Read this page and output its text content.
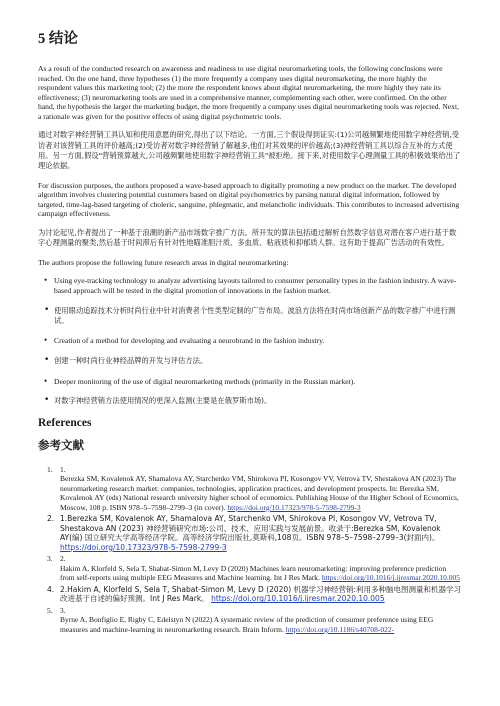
5 结论

As a result of the conducted research on awareness and readiness to use digital neuromarketing tools, the following conclusions were reached. On the one hand, three hypotheses (1) the more frequently a company uses digital neuromarketing, the more highly the respondent values this marketing tool; (2) the more the respondent knows about digital neuromarketing, the more highly they rate its effectiveness; (3) neuromarketing tools are used in a comprehensive manner, complementing each other, were confirmed. On the other hand, the hypothesis the larger the marketing budget, the more frequently a company uses digital neuromarketing tools was rejected. Next, a rationale was given for the positive effects of using digital psychometric tools.

通过对数字神经营销工具认知和使用意愿的研究,得出了以下结论。一方面,三个假设得到证实:(1)公司越频繁地使用数字神经营销,受访者对该营销工具的评价越高;(2)受访者对数字神经营销了解越多,他们对其效果的评价越高;(3)神经营销工具以综合互补的方式使用。另一方面,假设"营销预算越大,公司越频繁地使用数字神经营销工具"被拒绝。接下来,对使用数字心理测量工具的积极效果给出了理论依据。

For discussion purposes, the authors proposed a wave-based approach to digitally promoting a new product on the market. The developed algorithm involves clustering potential customers based on digital psychometrics by parsing natural digital information, followed by targeted, time-lag-based targeting of choleric, sanguine, phlegmatic, and melancholic individuals. This contributes to increased advertising campaign effectiveness.

为讨论起见,作者提出了一种基于浪潮的新产品市场数字推广方法。所开发的算法包括通过解析自然数字信息对潜在客户进行基于数字心理测量的聚类,然后基于时间滞后有针对性地瞄准胆汁质、多血质、粘液质和抑郁质人群。这有助于提高广告活动的有效性。

The authors propose the following future research areas in digital neuromarketing:

• Using eye-tracking technology to analyze advertising layouts tailored to consumer personality types in the fashion industry. A wave-based approach will be tested in the digital promotion of innovations in the fashion market.
• 使用眼动追踪技术分析时尚行业中针对消费者个性类型定制的广告布局。波浪方法将在时尚市场创新产品的数字推广中进行测试。
• Creation of a method for developing and evaluating a neurobrand in the fashion industry.
• 创建一种时尚行业神经品牌的开发与评估方法。
• Deeper monitoring of the use of digital neuromarketing methods (primarily in the Russian market).
• 对数字神经营销方法使用情况的更深入监测(主要是在俄罗斯市场)。
References
参考文献
1. 1.
Berezka SM, Kovalenok AY, Shamalova AY, Starchenko VM, Shirokova PI, Kosongov VV, Vetrova TV, Shestakova AN (2023) The neuromarketing research market: companies, technologies, application practices, and development prospects. In: Berezka SM, Kovalenok AY (eds) National research university higher school of economics. Publishing House of the Higher School of Economics, Moscow, 108 p. ISBN 978–5–7598–2799–3 (in cover). https://doi.org/10.17323/978-5-7598-2799-3
2. 1.Berezka SM, Kovalenok AY, Shamalova AY, Starchenko VM, Shirokova PI, Kosongov VV, Vetrova TV, Shestakova AN (2023) 神经营销研究市场:公司、技术、应用实践与发展前景。收录于:Berezka SM, Kovalenok AY(编) 国立研究大学高等经济学院。高等经济学院出版社,莫斯科,108页。ISBN 978–5–7598–2799–3(封面内)。 https://doi.org/10.17323/978-5-7598-2799-3
3. 2.
Hakim A, Klorfeld S, Sela T, Shabat-Simon M, Levy D (2020) Machines learn neuromarketing: improving preference prediction from self-reports using multiple EEG Measures and Machine learning. Int J Res Mark. https://doi.org/10.1016/j.ijresmar.2020.10.005
4. 2.Hakim A, Klorfeld S, Sela T, Shabat-Simon M, Levy D (2020) 机器学习神经营销:利用多种脑电图测量和机器学习改进基于自述的偏好预测。Int J Res Mark。 https://doi.org/10.1016/j.ijresmar.2020.10.005
5. 3.
Byrne A, Bonfiglio E, Rigby C, Edelstyn N (2022) A systematic review of the prediction of consumer preference using EEG measures and machine-learning in neuromarketing research. Brain Inform. https://doi.org/10.1186/s40708-022-
